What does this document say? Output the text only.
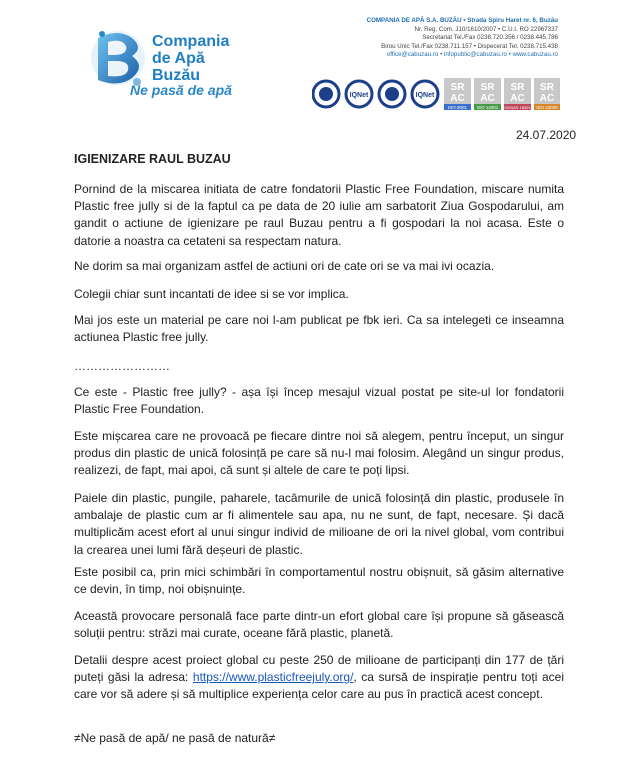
Compania
de Apă
Buzău
Ne pasă de apă
COMPANIA DE APĂ S.A. BUZĂU • Strada Spiru Haret nr. 6, Buzău
Nr. Reg. Com. J10/1610/2007 • C.U.I. RO 22967337
Secretariat Tel./Fax 0238.720.356 / 0238.445.786
Birou Unic Tel./Fax 0238.711.157 • Dispecerat Tel. 0238.715.438
office@cabuzau.ro • infopublic@cabuzau.ro • www.cabuzau.ro
IQNet	IQNet
SR
AC
ISO 9001
SR
AC
ISO 14001
SR
AC
OHSAS 18001
SR
AC
ISO 22000
24.07.2020
IGIENIZARE RAUL BUZAU

Pornind de la miscarea initiata de catre fondatorii Plastic Free Foundation, miscare numita Plastic free jully si de la faptul ca pe data de 20 iulie am sarbatorit Ziua Gospodarului, am gandit o actiune de igienizare pe raul Buzau pentru a fi gospodari la noi acasa. Este o datorie a noastra ca cetateni sa respectam natura.

Ne dorim sa mai organizam astfel de actiuni ori de cate ori se va mai ivi ocazia.

Colegii chiar sunt incantati de idee si se vor implica.

Mai jos este un material pe care noi l-am publicat pe fbk ieri. Ca sa intelegeti ce inseamna actiunea Plastic free jully.

……………………

Ce este - Plastic free jully? - așa își încep mesajul vizual postat pe site-ul lor fondatorii Plastic Free Foundation.

Este mișcarea care ne provoacă pe fiecare dintre noi să alegem, pentru început, un singur produs din plastic de unică folosință pe care să nu-l mai folosim. Alegând un singur produs, realizezi, de fapt, mai apoi, că sunt și altele de care te poți lipsi.

Paiele din plastic, pungile, paharele, tacâmurile de unică folosință din plastic, produsele în ambalaje de plastic cum ar fi alimentele sau apa, nu ne sunt, de fapt, necesare. Și dacă multiplicăm acest efort al unui singur individ de milioane de ori la nivel global, vom contribui la crearea unei lumi fără deșeuri de plastic.

Este posibil ca, prin mici schimbări în comportamentul nostru obișnuit, să găsim alternative ce devin, în timp, noi obișnuințe.

Această provocare personală face parte dintr-un efort global care își propune să găsească soluții pentru: străzi mai curate, oceane fără plastic, planetă.

Detalii despre acest proiect global cu peste 250 de milioane de participanți din 177 de țări puteți găsi la adresa: https://www.plasticfreejuly.org/, ca sursă de inspirație pentru toți acei care vor să adere și să multiplice experiența celor care au pus în practică acest concept.

≠Ne pasă de apă/ ne pasă de natură≠
